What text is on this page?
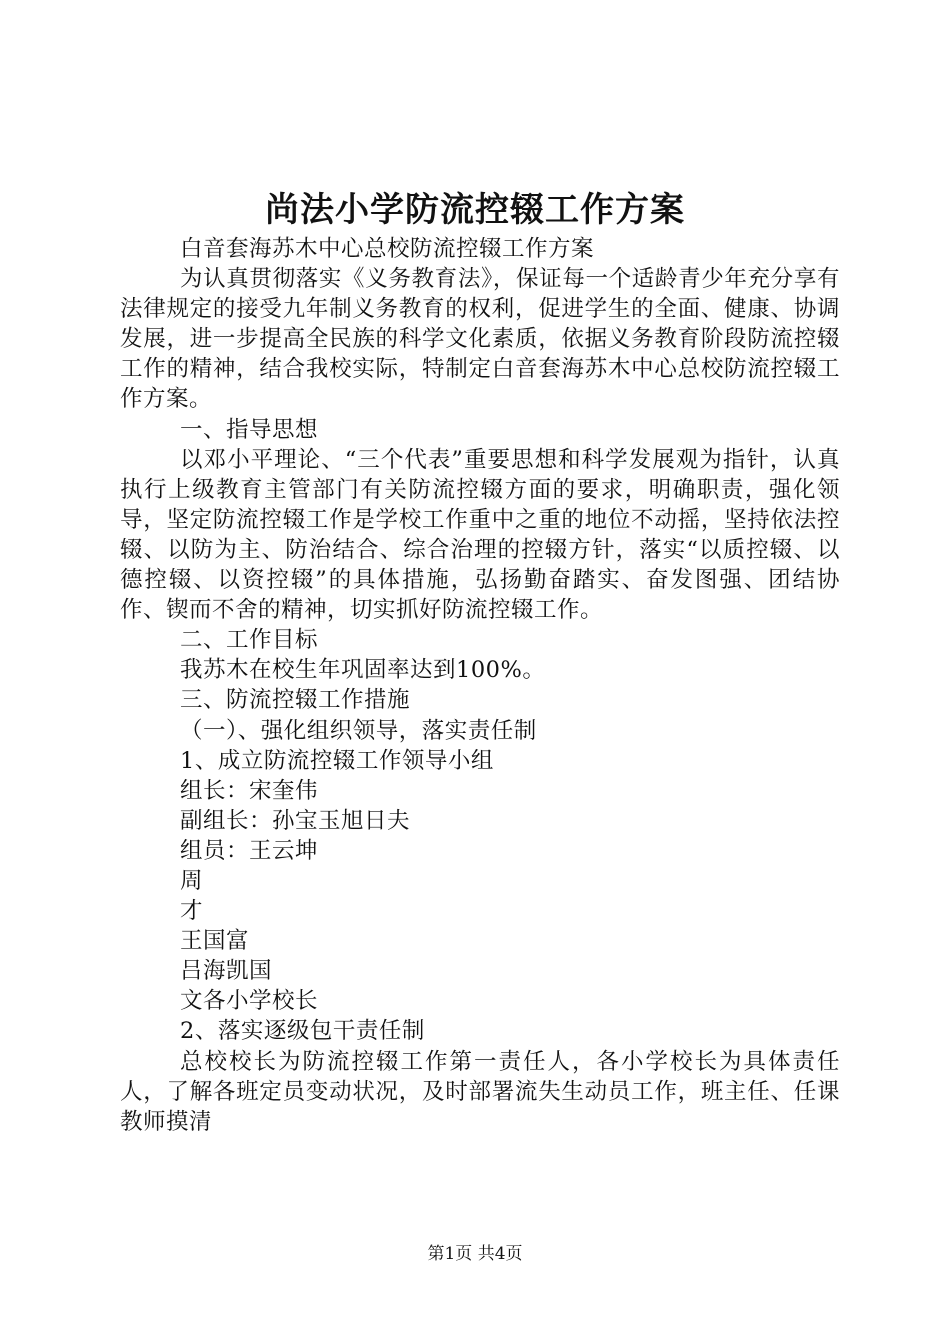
尚法小学防流控辍工作方案

白音套海苏木中心总校防流控辍工作方案

为认真贯彻落实《义务教育法》，保证每一个适龄青少年充分享有法律规定的接受九年制义务教育的权利，促进学生的全面、健康、协调发展，进一步提高全民族的科学文化素质，依据义务教育阶段防流控辍工作的精神，结合我校实际，特制定白音套海苏木中心总校防流控辍工作方案。

一、指导思想

以邓小平理论、“三个代表”重要思想和科学发展观为指针，认真执行上级教育主管部门有关防流控辍方面的要求，明确职责，强化领导，坚定防流控辍工作是学校工作重中之重的地位不动摇，坚持依法控辍、以防为主、防治结合、综合治理的控辍方针，落实“以质控辍、以德控辍、以资控辍”的具体措施，弘扬勤奋踏实、奋发图强、团结协作、锲而不舍的精神，切实抓好防流控辍工作。

二、工作目标

我苏木在校生年巩固率达到100%。

三、防流控辍工作措施

（一）、强化组织领导，落实责任制

1、成立防流控辍工作领导小组

组长：宋奎伟

副组长：孙宝玉旭日夫

组员：王云坤

周

才

王国富

吕海凯国

文各小学校长

2、落实逐级包干责任制

总校校长为防流控辍工作第一责任人，各小学校长为具体责任人，了解各班定员变动状况，及时部署流失生动员工作，班主任、任课教师摸清

第1页 共4页
